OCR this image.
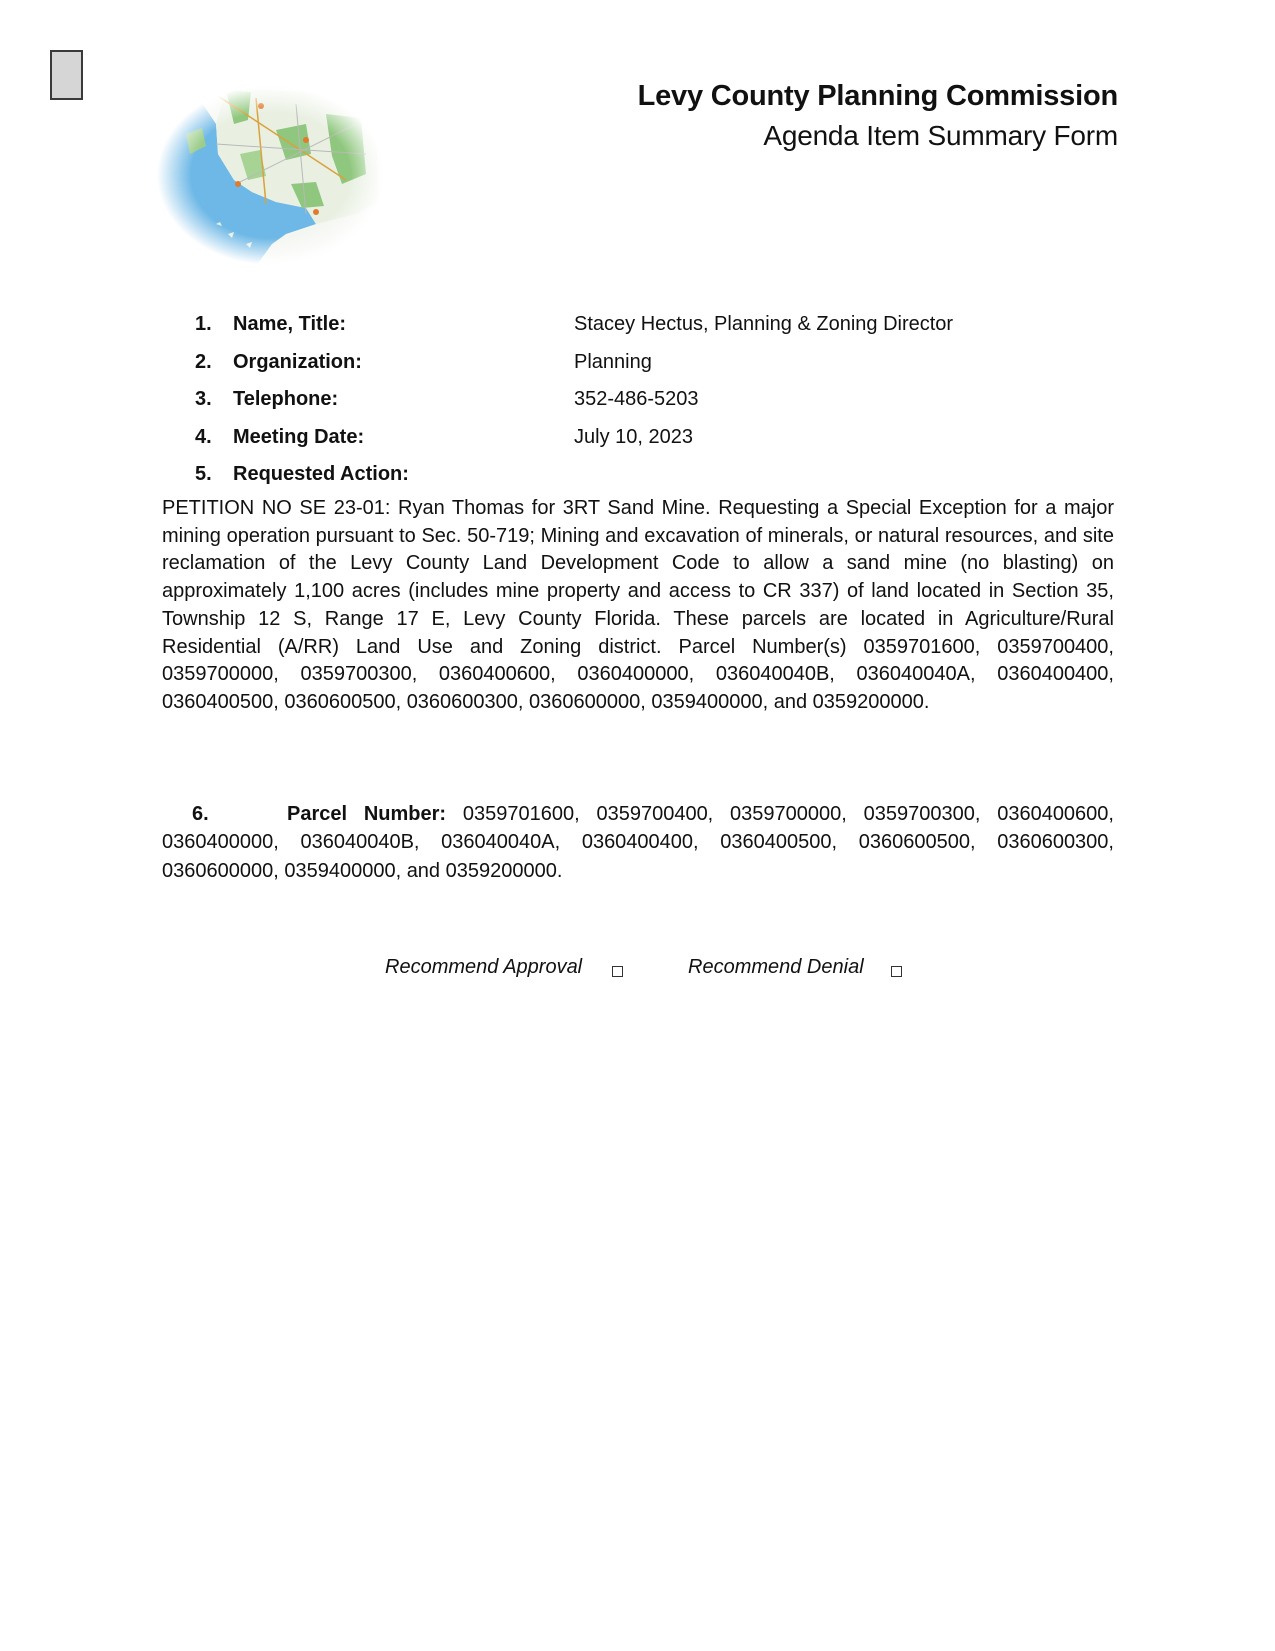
Levy County Planning Commission
Agenda Item Summary Form
1. Name, Title:	Stacey Hectus, Planning & Zoning Director
2. Organization:	Planning
3. Telephone:	352-486-5203
4. Meeting Date:	July 10, 2023
5. Requested Action:
PETITION NO SE 23-01: Ryan Thomas for 3RT Sand Mine. Requesting a Special Exception for a major mining operation pursuant to Sec. 50-719; Mining and excavation of minerals, or natural resources, and site reclamation of the Levy County Land Development Code to allow a sand mine (no blasting) on approximately 1,100 acres (includes mine property and access to CR 337) of land located in Section 35, Township 12 S, Range 17 E, Levy County Florida. These parcels are located in Agriculture/Rural Residential (A/RR) Land Use and Zoning district. Parcel Number(s) 0359701600, 0359700400, 0359700000, 0359700300, 0360400600, 0360400000, 036040040B, 036040040A, 0360400400, 0360400500, 0360600500, 0360600300, 0360600000, 0359400000, and 0359200000.
6.	Parcel Number: 0359701600, 0359700400, 0359700000, 0359700300, 0360400600, 0360400000, 036040040B, 036040040A, 0360400400, 0360400500, 0360600500, 0360600300, 0360600000, 0359400000, and 0359200000.
Recommend Approval	Recommend Denial
